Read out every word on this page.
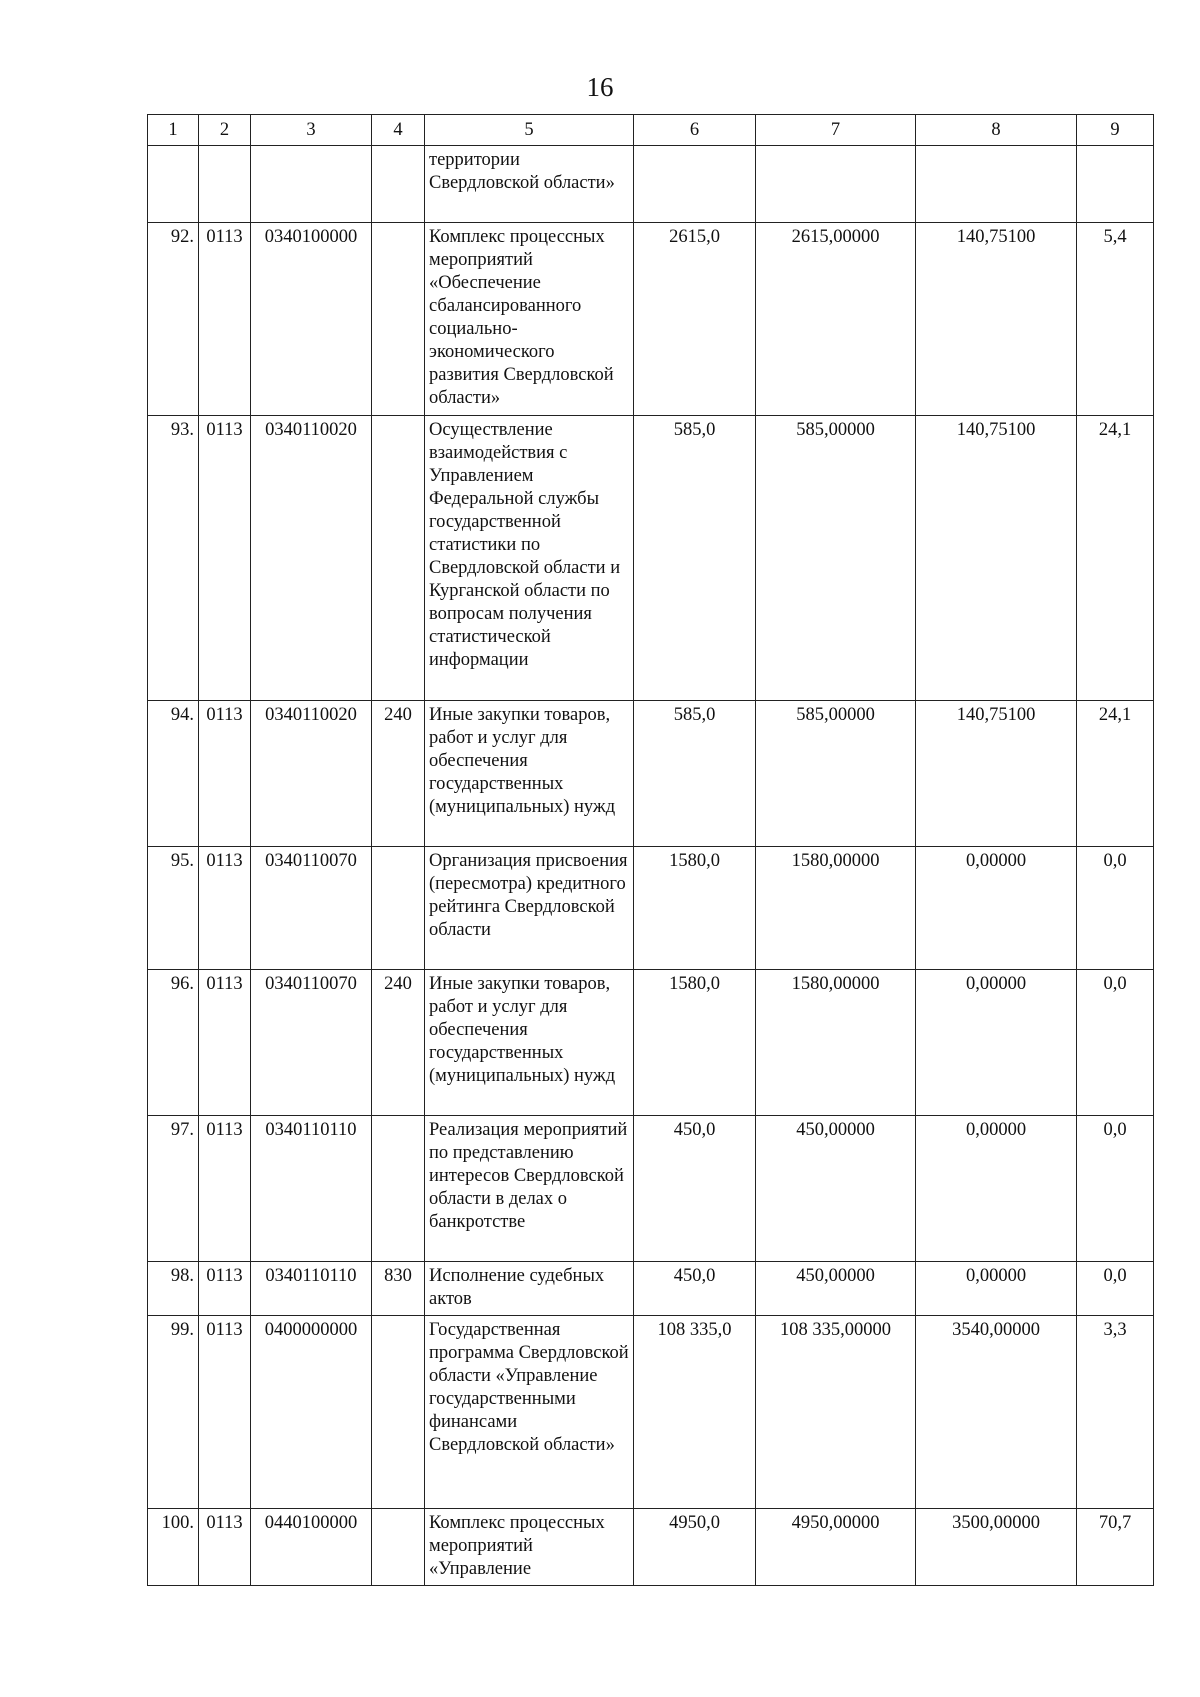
16
1	2	3	4	5	6	7	8	9
				территории Свердловской области»				
92.	0113	0340100000		Комплекс процессных мероприятий «Обеспечение сбалансированного социально-экономического развития Свердловской области»	2615,0	2615,00000	140,75100	5,4
93.	0113	0340110020		Осуществление взаимодействия с Управлением Федеральной службы государственной статистики по Свердловской области и Курганской области по вопросам получения статистической информации	585,0	585,00000	140,75100	24,1
94.	0113	0340110020	240	Иные закупки товаров, работ и услуг для обеспечения государственных (муниципальных) нужд	585,0	585,00000	140,75100	24,1
95.	0113	0340110070		Организация присвоения (пересмотра) кредитного рейтинга Свердловской области	1580,0	1580,00000	0,00000	0,0
96.	0113	0340110070	240	Иные закупки товаров, работ и услуг для обеспечения государственных (муниципальных) нужд	1580,0	1580,00000	0,00000	0,0
97.	0113	0340110110		Реализация мероприятий по представлению интересов Свердловской области в делах о банкротстве	450,0	450,00000	0,00000	0,0
98.	0113	0340110110	830	Исполнение судебных актов	450,0	450,00000	0,00000	0,0
99.	0113	0400000000		Государственная программа Свердловской области «Управление государственными финансами Свердловской области»	108 335,0	108 335,00000	3540,00000	3,3
100.	0113	0440100000		Комплекс процессных мероприятий «Управление	4950,0	4950,00000	3500,00000	70,7
